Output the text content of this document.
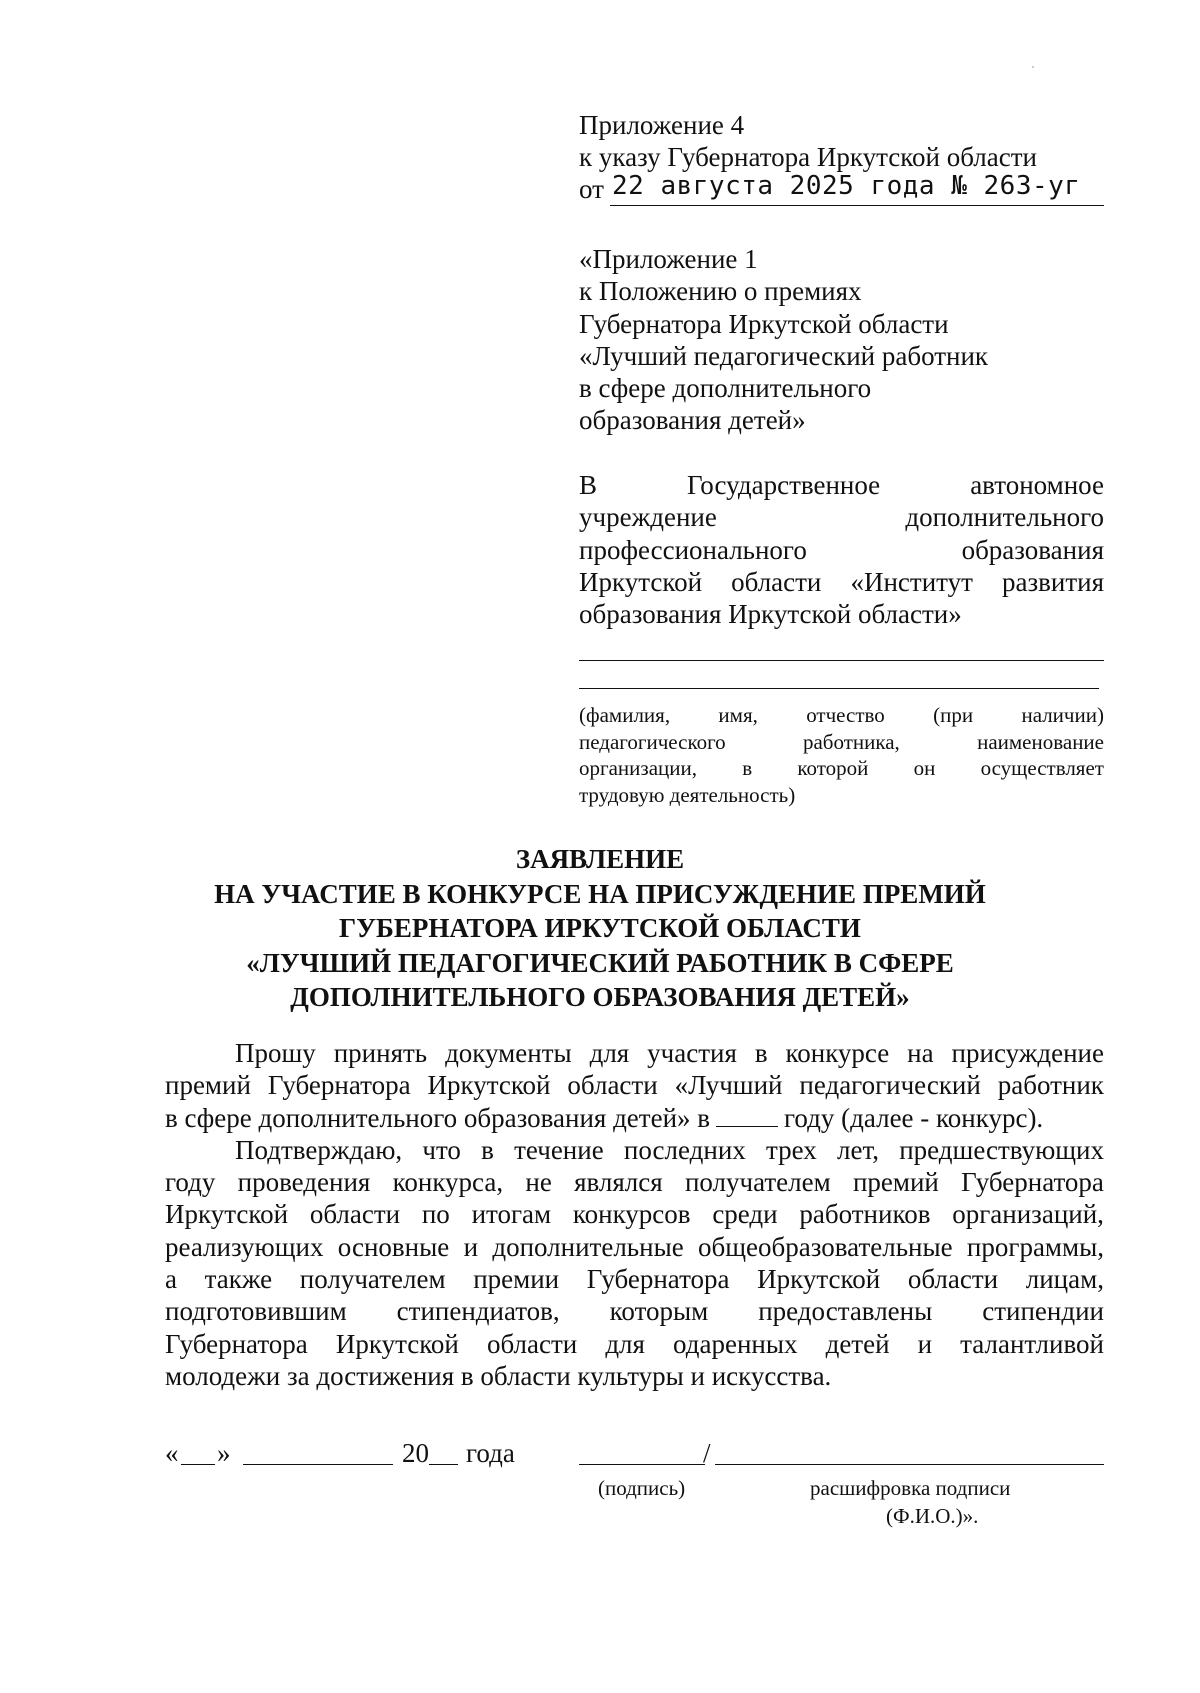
Приложение 4
к указу Губернатора Иркутской области
от 22 августа 2025 года № 263-уг
«Приложение 1
к Положению о премиях
Губернатора Иркутской области
«Лучший педагогический работник
в сфере дополнительного
образования детей»
В	Государственное	автономное
учреждение	дополнительного
профессионального	образования
Иркутской области «Институт развития
образования Иркутской области»
(фамилия, имя, отчество (при наличии)
педагогического	работника,	наименование
организации, в которой он осуществляет
трудовую деятельность)
ЗАЯВЛЕНИЕ
НА УЧАСТИЕ В КОНКУРСЕ НА ПРИСУЖДЕНИЕ ПРЕМИЙ
ГУБЕРНАТОРА ИРКУТСКОЙ ОБЛАСТИ
«ЛУЧШИЙ ПЕДАГОГИЧЕСКИЙ РАБОТНИК В СФЕРЕ
ДОПОЛНИТЕЛЬНОГО ОБРАЗОВАНИЯ ДЕТЕЙ»
Прошу принять документы для участия в конкурсе на присуждение
премий Губернатора Иркутской области «Лучший педагогический работник
в сфере дополнительного образования детей» в	году (далее - конкурс).
Подтверждаю, что в течение последних трех лет, предшествующих
году проведения конкурса, не являлся получателем премий Губернатора
Иркутской области по итогам конкурсов среди работников организаций,
реализующих основные и дополнительные общеобразовательные программы,
а также получателем премии Губернатора Иркутской области лицам,
подготовившим стипендиатов, которым предоставлены стипендии
Губернатора Иркутской области для одаренных детей и талантливой
молодежи за достижения в области культуры и искусства.
« »	20 года	/
(подпись)	расшифровка подписи
(Ф.И.О.)».
